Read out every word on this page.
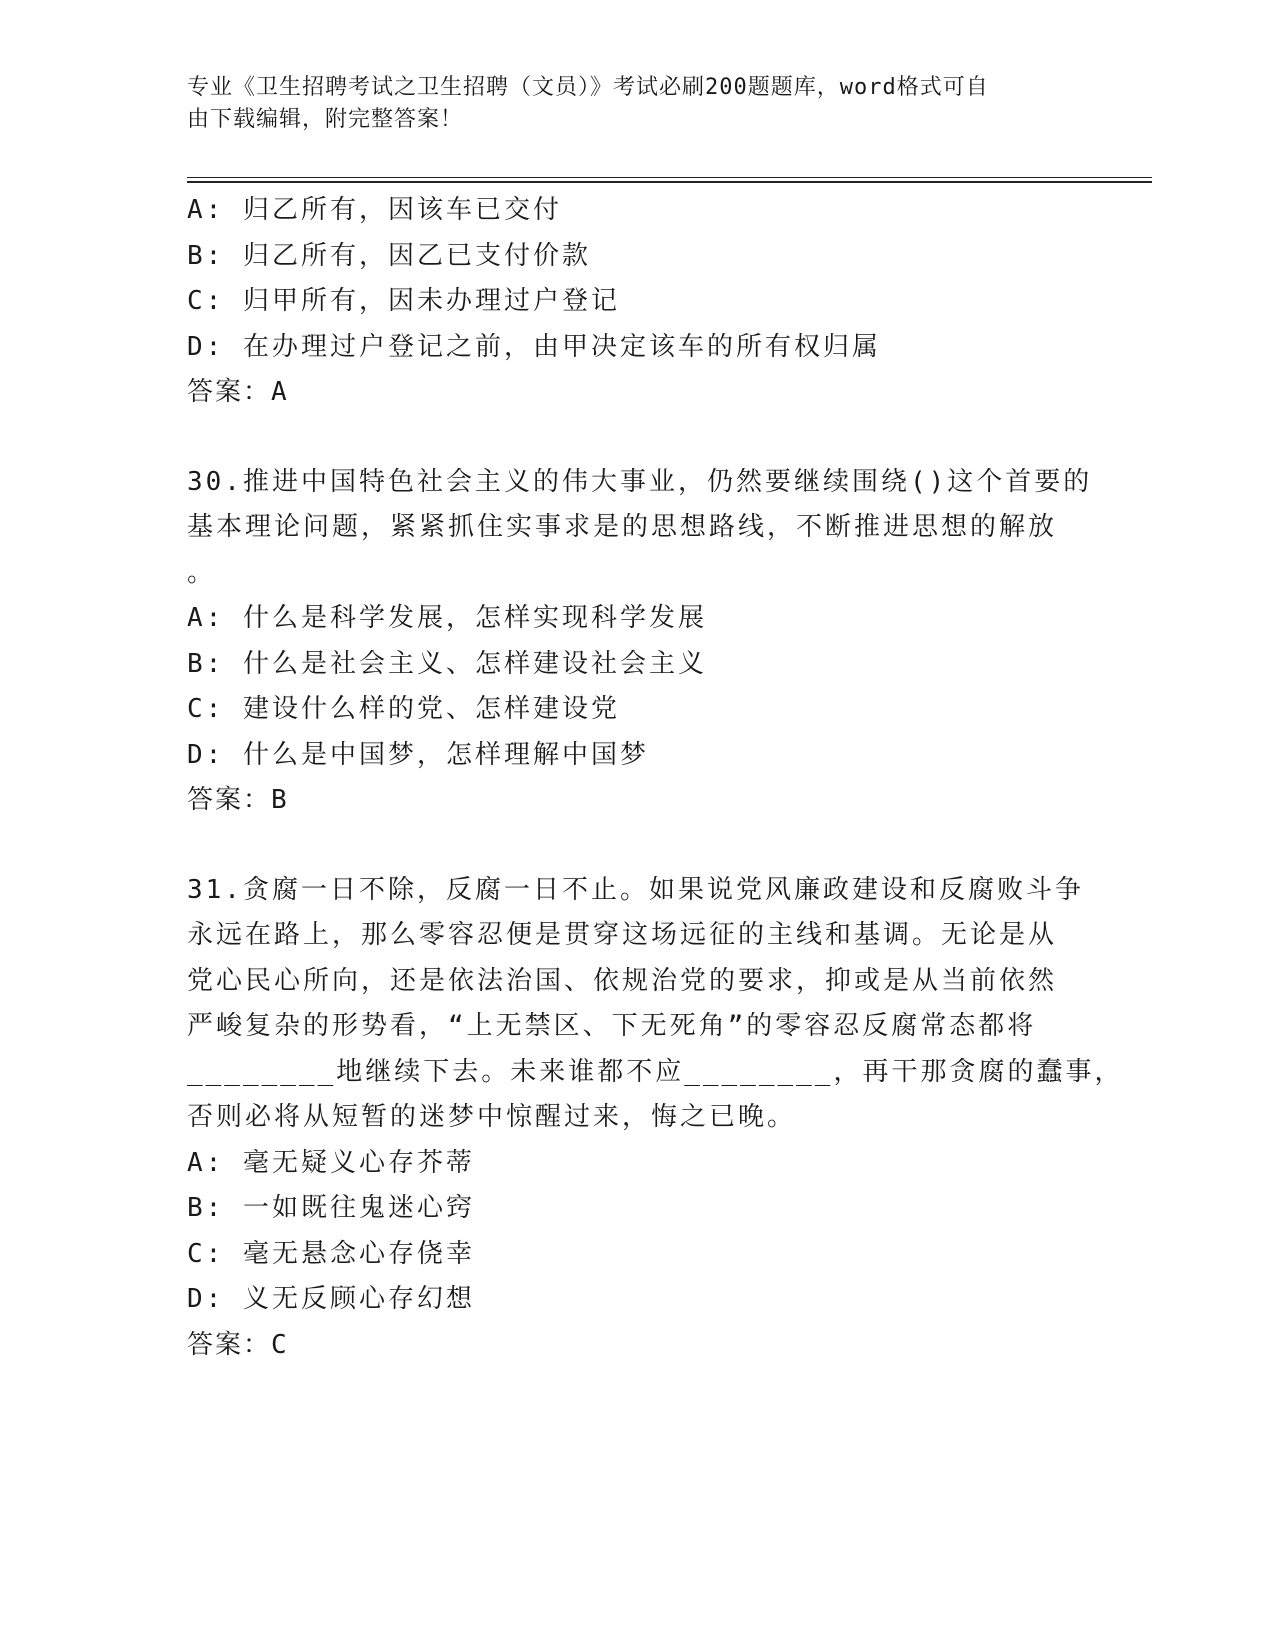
专业《卫生招聘考试之卫生招聘（文员）》考试必刷200题题库，word格式可自
由下载编辑，附完整答案！
A: 归乙所有，因该车已交付
B: 归乙所有，因乙已支付价款
C: 归甲所有，因未办理过户登记
D: 在办理过户登记之前，由甲决定该车的所有权归属
答案：A
30.推进中国特色社会主义的伟大事业，仍然要继续围绕()这个首要的
基本理论问题，紧紧抓住实事求是的思想路线，不断推进思想的解放
。
A: 什么是科学发展，怎样实现科学发展
B: 什么是社会主义、怎样建设社会主义
C: 建设什么样的党、怎样建设党
D: 什么是中国梦，怎样理解中国梦
答案：B
31.贪腐一日不除，反腐一日不止。如果说党风廉政建设和反腐败斗争
永远在路上，那么零容忍便是贯穿这场远征的主线和基调。无论是从
党心民心所向，还是依法治国、依规治党的要求，抑或是从当前依然
严峻复杂的形势看，“上无禁区、下无死角”的零容忍反腐常态都将
________地继续下去。未来谁都不应________，再干那贪腐的蠢事，
否则必将从短暂的迷梦中惊醒过来，悔之已晚。
A: 毫无疑义心存芥蒂
B: 一如既往鬼迷心窍
C: 毫无悬念心存侥幸
D: 义无反顾心存幻想
答案：C
